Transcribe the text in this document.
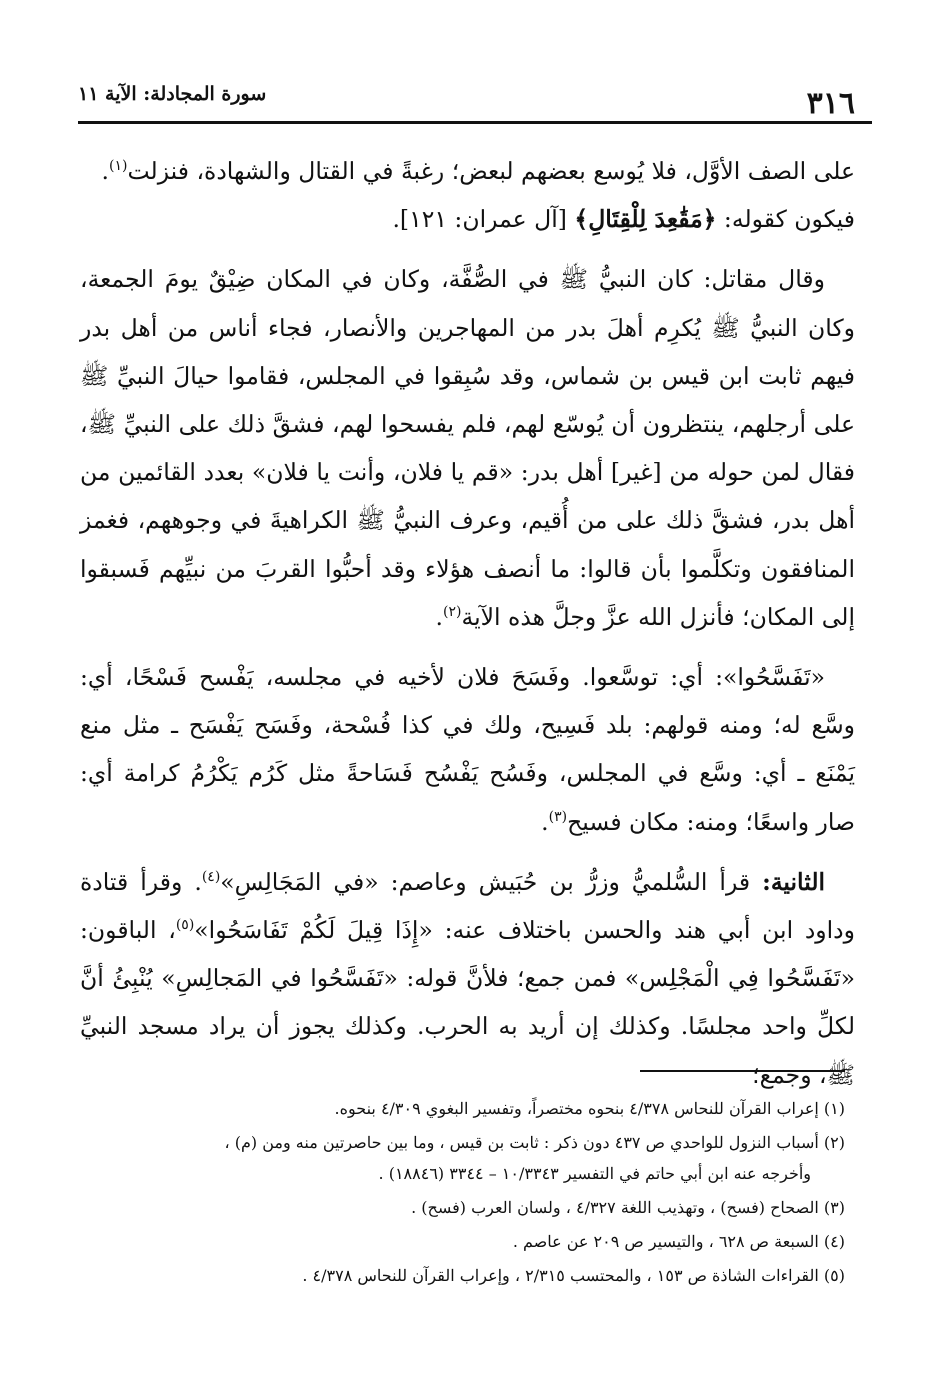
٣١٦
سورة المجادلة: الآية ١١

على الصف الأوَّل، فلا يُوسع بعضهم لبعض؛ رغبةً في القتال والشهادة، فنزلت$^{(١)}$.

فيكون كقوله: ﴿مَقَٰعِدَ لِلْقِتَالِ﴾ [آل عمران: ١٢١].

وقال مقاتل: كان النبيُّ ﷺ في الصُّفَّة، وكان في المكان ضِيْقٌ يومَ الجمعة، وكان النبيُّ ﷺ يُكرِم أهلَ بدر من المهاجرين والأنصار، فجاء أناس من أهل بدر فيهم ثابت ابن قيس بن شماس، وقد سُبِقوا في المجلس، فقاموا حيالَ النبيِّ ﷺ على أرجلهم، ينتظرون أن يُوسّع لهم، فلم يفسحوا لهم، فشقَّ ذلك على النبيِّ ﷺ، فقال لمن حوله من [غير] أهل بدر: «قم يا فلان، وأنت يا فلان» بعدد القائمين من أهل بدر، فشقَّ ذلك على من أُقيم، وعرف النبيُّ ﷺ الكراهيةَ في وجوههم، فغمز المنافقون وتكلَّموا بأن قالوا: ما أنصف هؤلاء وقد أحبُّوا القربَ من نبيِّهم فَسبقوا إلى المكان؛ فأنزل الله عزَّ وجلَّ هذه الآية$^{(٢)}$.

«تَفَسَّحُوا»: أي: توسَّعوا. وفَسَحَ فلان لأخيه في مجلسه، يَفْسح فَسْحًا، أي: وسَّع له؛ ومنه قولهم: بلد فَسِيح، ولك في كذا فُسْحة، وفَسَح يَفْسَح ـ مثل منع يَمْنَع ـ أي: وسَّع في المجلس، وفَسُح يَفْسُح فَسَاحةً مثل كَرُم يَكْرُمُ كرامة أي: صار واسعًا؛ ومنه: مكان فسيح$^{(٣)}$.

الثانية: قرأ السُّلميُّ وزرُّ بن حُبَيش وعاصم: «في المَجَالِسِ»$^{(٤)}$. وقرأ قتادة وداود ابن أبي هند والحسن باختلاف عنه: «إِذَا قِيلَ لَكُمْ تَفَاسَحُوا»$^{(٥)}$، الباقون: «تَفَسَّحُوا فِي الْمَجْلِس» فمن جمع؛ فلأنَّ قوله: «تَفَسَّحُوا في المَجالِسِ» يُنْبِئُ أنَّ لكلِّ واحد مجلسًا. وكذلك إن أريد به الحرب. وكذلك يجوز أن يراد مسجد النبيِّ ﷺ، وجمع؛

(١) إعراب القرآن للنحاس ٤/٣٧٨ بنحوه مختصراً، وتفسير البغوي ٤/٣٠٩ بنحوه.

(٢) أسباب النزول للواحدي ص ٤٣٧ دون ذكر : ثابت بن قيس ، وما بين حاصرتين منه ومن (م) ،
وأخرجه عنه ابن أبي حاتم في التفسير ١٠/٣٣٤٣ – ٣٣٤٤ (١٨٨٤٦) .

(٣) الصحاح (فسح) ، وتهذيب اللغة ٤/٣٢٧ ، ولسان العرب (فسح) .

(٤) السبعة ص ٦٢٨ ، والتيسير ص ٢٠٩ عن عاصم .

(٥) القراءات الشاذة ص ١٥٣ ، والمحتسب ٢/٣١٥ ، وإعراب القرآن للنحاس ٤/٣٧٨ .
